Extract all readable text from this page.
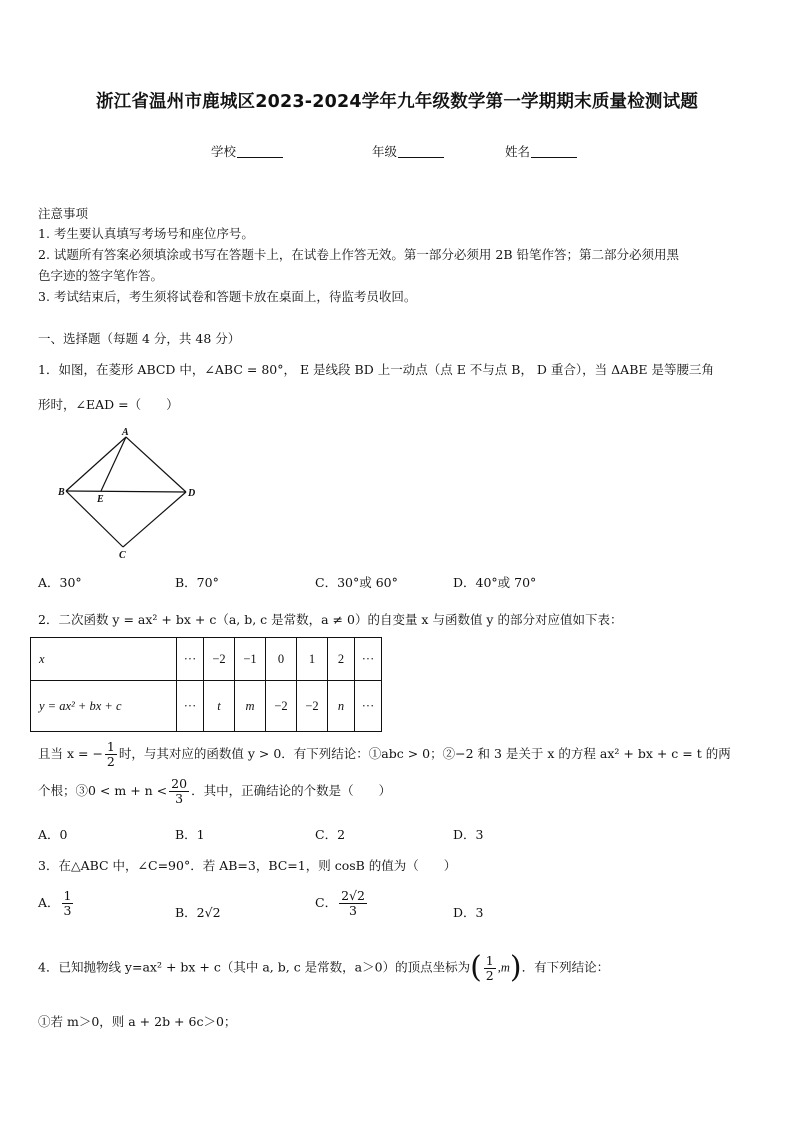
浙江省温州市鹿城区2023-2024学年九年级数学第一学期期末质量检测试题
学校	年级	姓名
注意事项
1. 考生要认真填写考场号和座位序号。
2. 试题所有答案必须填涂或书写在答题卡上，在试卷上作答无效。第一部分必须用 2B 铅笔作答；第二部分必须用黑
色字迹的签字笔作答。
3. 考试结束后，考生须将试卷和答题卡放在桌面上，待监考员收回。
一、选择题（每题 4 分，共 48 分）
1．如图，在菱形 ABCD 中，∠ABC = 80°， E 是线段 BD 上一动点（点 E 不与点 B， D 重合），当 ΔABE 是等腰三角
形时，∠EAD =（　　）
A
B
C
D
E
A．30°	B．70°	C．30°或 60°	D．40°或 70°
2．二次函数 y = ax² + bx + c（a, b, c 是常数，a ≠ 0）的自变量 x 与函数值 y 的部分对应值如下表：
x	···	−2	−1	0	1	2	···
y = ax² + bx + c	···	t	m	−2	−2	n	···
且当 x = − $\frac{1}{2}$ 时，与其对应的函数值 y > 0．有下列结论：①abc > 0；②−2 和 3 是关于 x 的方程 ax² + bx + c = t 的两
个根；③0 < $m + n < \frac{20}{3}$ ．其中，正确结论的个数是（　　）
A．0	B．1	C．2	D．3
3．在△ABC 中，∠C=90°．若 AB=3，BC=1，则 cosB 的值为（　　）
A． $\frac{1}{3}$	B．2√2
C． $\frac{2√2}{3}$	D．3
4．已知抛物线 y=ax² + bx + c（其中 a, b, c 是常数，a＞0）的顶点坐标为( $\frac{1}{2} ,m$)．有下列结论：
①若 m＞0，则 a + 2b + 6c＞0；
